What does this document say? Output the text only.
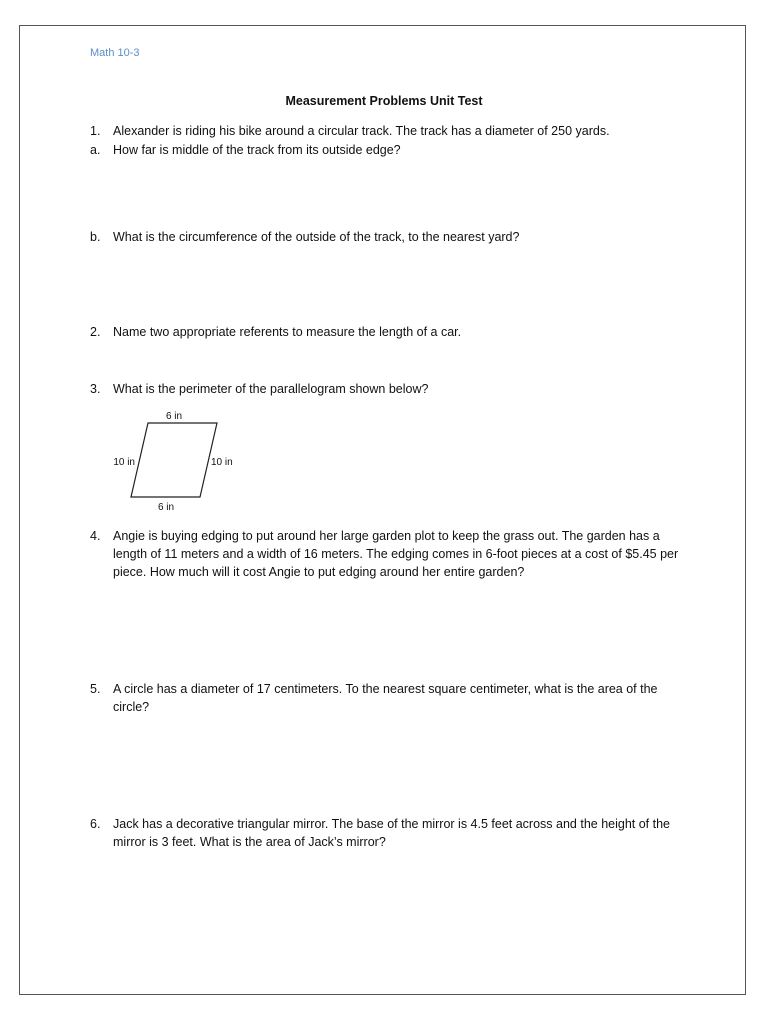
Math 10-3
Measurement Problems Unit Test
1. Alexander is riding his bike around a circular track. The track has a diameter of 250 yards.
a. How far is middle of the track from its outside edge?
b. What is the circumference of the outside of the track, to the nearest yard?
2. Name two appropriate referents to measure the length of a car.
3. What is the perimeter of the parallelogram shown below?
6 in
6 in
10 in	10 in
4. Angie is buying edging to put around her large garden plot to keep the grass out. The garden has a length of 11 meters and a width of 16 meters. The edging comes in 6-foot pieces at a cost of $5.45 per piece. How much will it cost Angie to put edging around her entire garden?
5. A circle has a diameter of 17 centimeters. To the nearest square centimeter, what is the area of the circle?
6. Jack has a decorative triangular mirror. The base of the mirror is 4.5 feet across and the height of the mirror is 3 feet. What is the area of Jack’s mirror?
